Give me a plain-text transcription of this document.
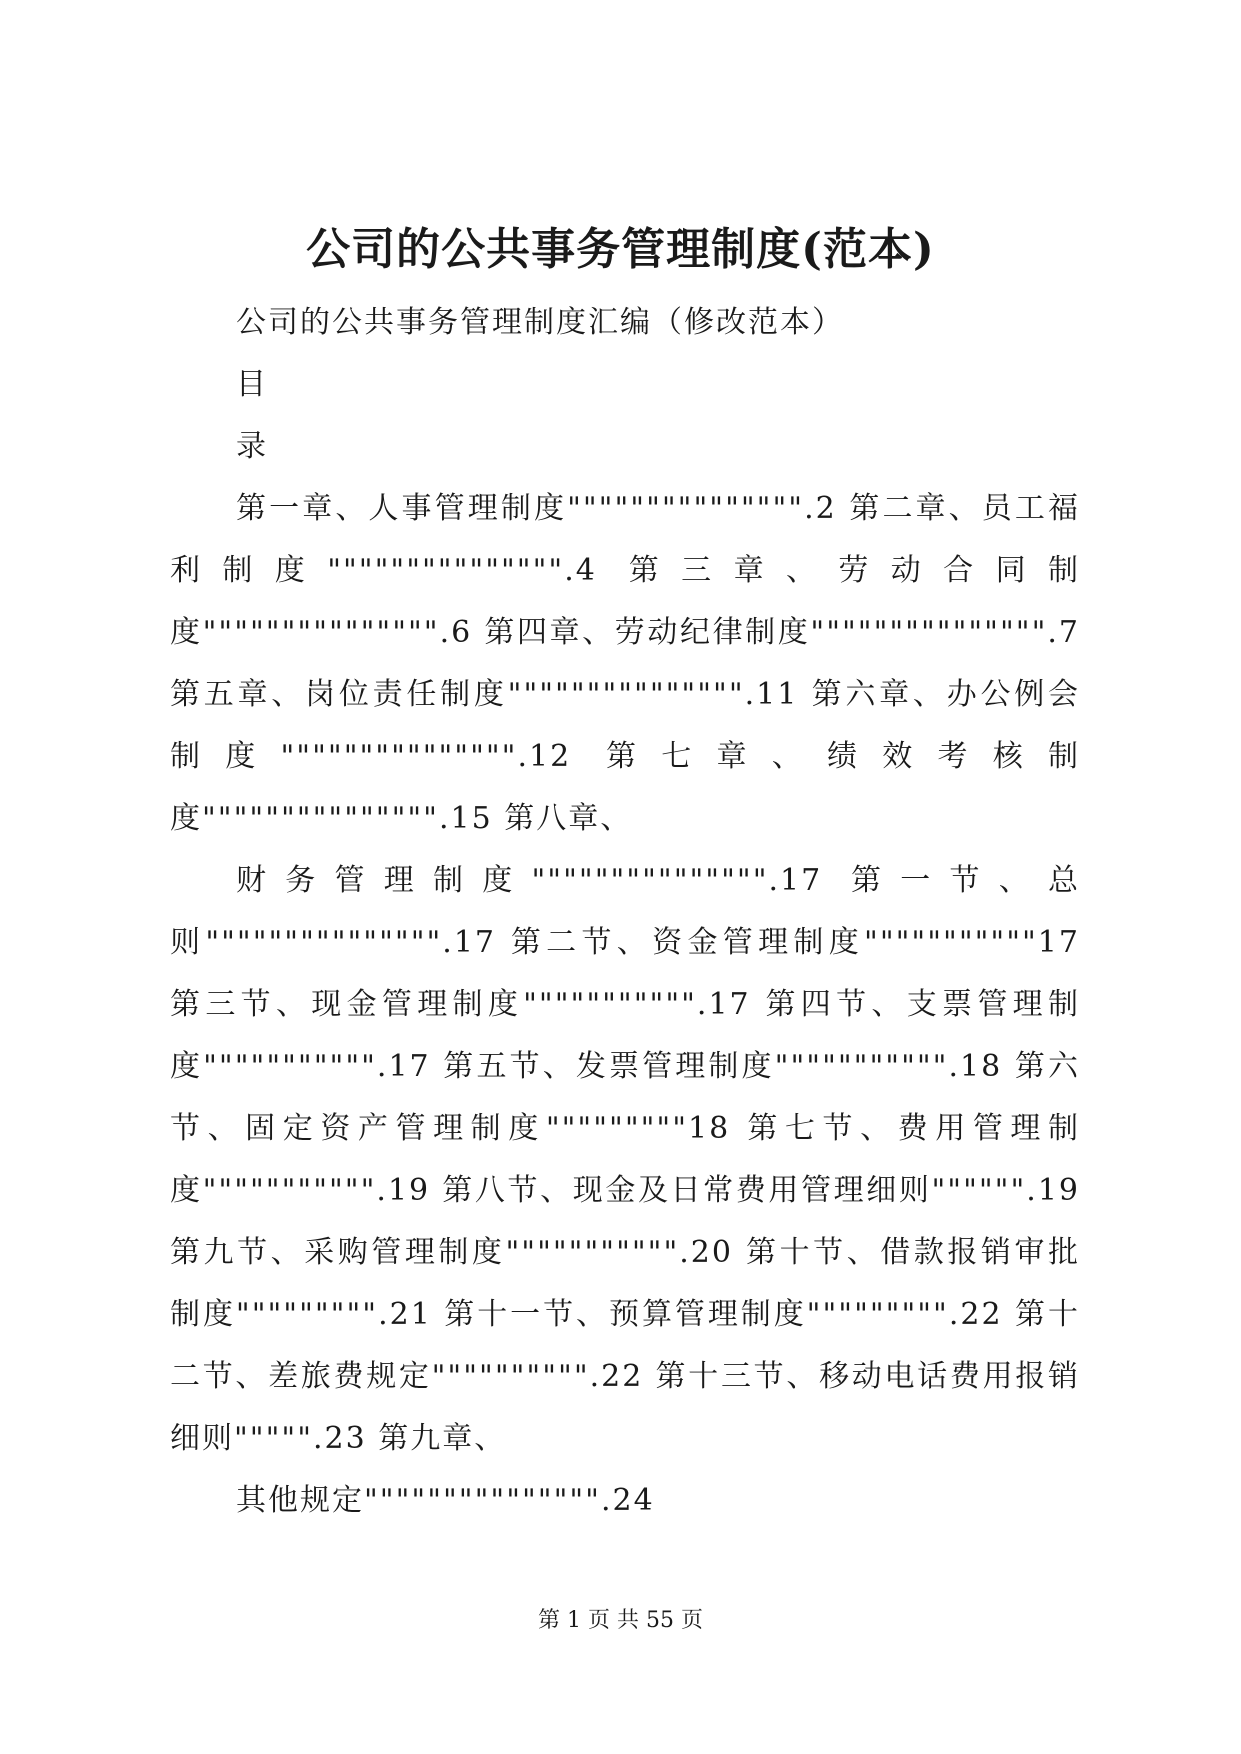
公司的公共事务管理制度(范本)

公司的公共事务管理制度汇编（修改范本）

目

录

第一章、人事管理制度""""""""""""""".2 第二章、员工福利制度""""""""""""""".4 第三章、劳动合同制度""""""""""""""".6 第四章、劳动纪律制度""""""""""""""".7 第五章、岗位责任制度""""""""""""""".11 第六章、办公例会制度""""""""""""""".12 第七章、绩效考核制度""""""""""""""".15 第八章、

财务管理制度""""""""""""""".17 第一节、总则""""""""""""""".17 第二节、资金管理制度"""""""""""17 第三节、现金管理制度""""""""""".17 第四节、支票管理制度""""""""""".17 第五节、发票管理制度""""""""""".18 第六节、固定资产管理制度"""""""""18 第七节、费用管理制度""""""""""".19 第八节、现金及日常费用管理细则"""""".19 第九节、采购管理制度""""""""""".20 第十节、借款报销审批制度""""""""".21 第十一节、预算管理制度""""""""".22 第十二节、差旅费规定"""""""""".22 第十三节、移动电话费用报销细则""""".23 第九章、

其他规定""""""""""""""".24

第 1 页 共 55 页
